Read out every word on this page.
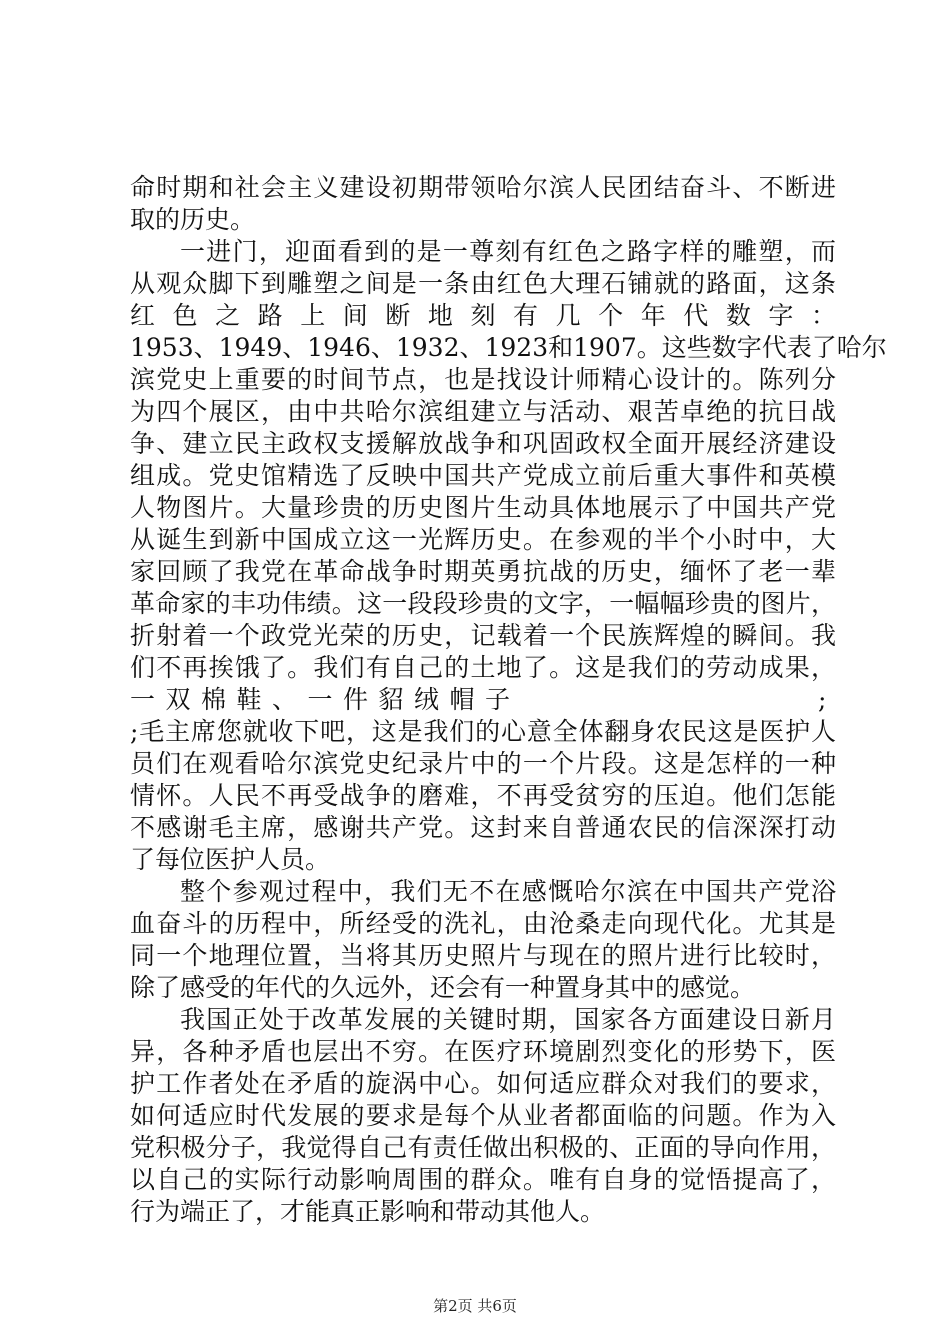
命时期和社会主义建设初期带领哈尔滨人民团结奋斗、不断进
取的历史。
一进门，迎面看到的是一尊刻有红色之路字样的雕塑，而
从观众脚下到雕塑之间是一条由红色大理石铺就的路面，这条
红色之路上间断地刻有几个年代数字：
1953、1949、1946、1932、1923和1907。这些数字代表了哈尔
滨党史上重要的时间节点，也是找设计师精心设计的。陈列分
为四个展区，由中共哈尔滨组建立与活动、艰苦卓绝的抗日战
争、建立民主政权支援解放战争和巩固政权全面开展经济建设
组成。党史馆精选了反映中国共产党成立前后重大事件和英模
人物图片。大量珍贵的历史图片生动具体地展示了中国共产党
从诞生到新中国成立这一光辉历史。在参观的半个小时中，大
家回顾了我党在革命战争时期英勇抗战的历史，缅怀了老一辈
革命家的丰功伟绩。这一段段珍贵的文字，一幅幅珍贵的图片，
折射着一个政党光荣的历史，记载着一个民族辉煌的瞬间。我
们不再挨饿了。我们有自己的土地了。这是我们的劳动成果，
一双棉鞋、一件貂绒帽子	;
;毛主席您就收下吧，这是我们的心意全体翻身农民这是医护人
员们在观看哈尔滨党史纪录片中的一个片段。这是怎样的一种
情怀。人民不再受战争的磨难，不再受贫穷的压迫。他们怎能
不感谢毛主席，感谢共产党。这封来自普通农民的信深深打动
了每位医护人员。
整个参观过程中，我们无不在感慨哈尔滨在中国共产党浴
血奋斗的历程中，所经受的洗礼，由沧桑走向现代化。尤其是
同一个地理位置，当将其历史照片与现在的照片进行比较时，
除了感受的年代的久远外，还会有一种置身其中的感觉。
我国正处于改革发展的关键时期，国家各方面建设日新月
异，各种矛盾也层出不穷。在医疗环境剧烈变化的形势下，医
护工作者处在矛盾的旋涡中心。如何适应群众对我们的要求，
如何适应时代发展的要求是每个从业者都面临的问题。作为入
党积极分子，我觉得自己有责任做出积极的、正面的导向作用，
以自己的实际行动影响周围的群众。唯有自身的觉悟提高了，
行为端正了，才能真正影响和带动其他人。
第2页 共6页
